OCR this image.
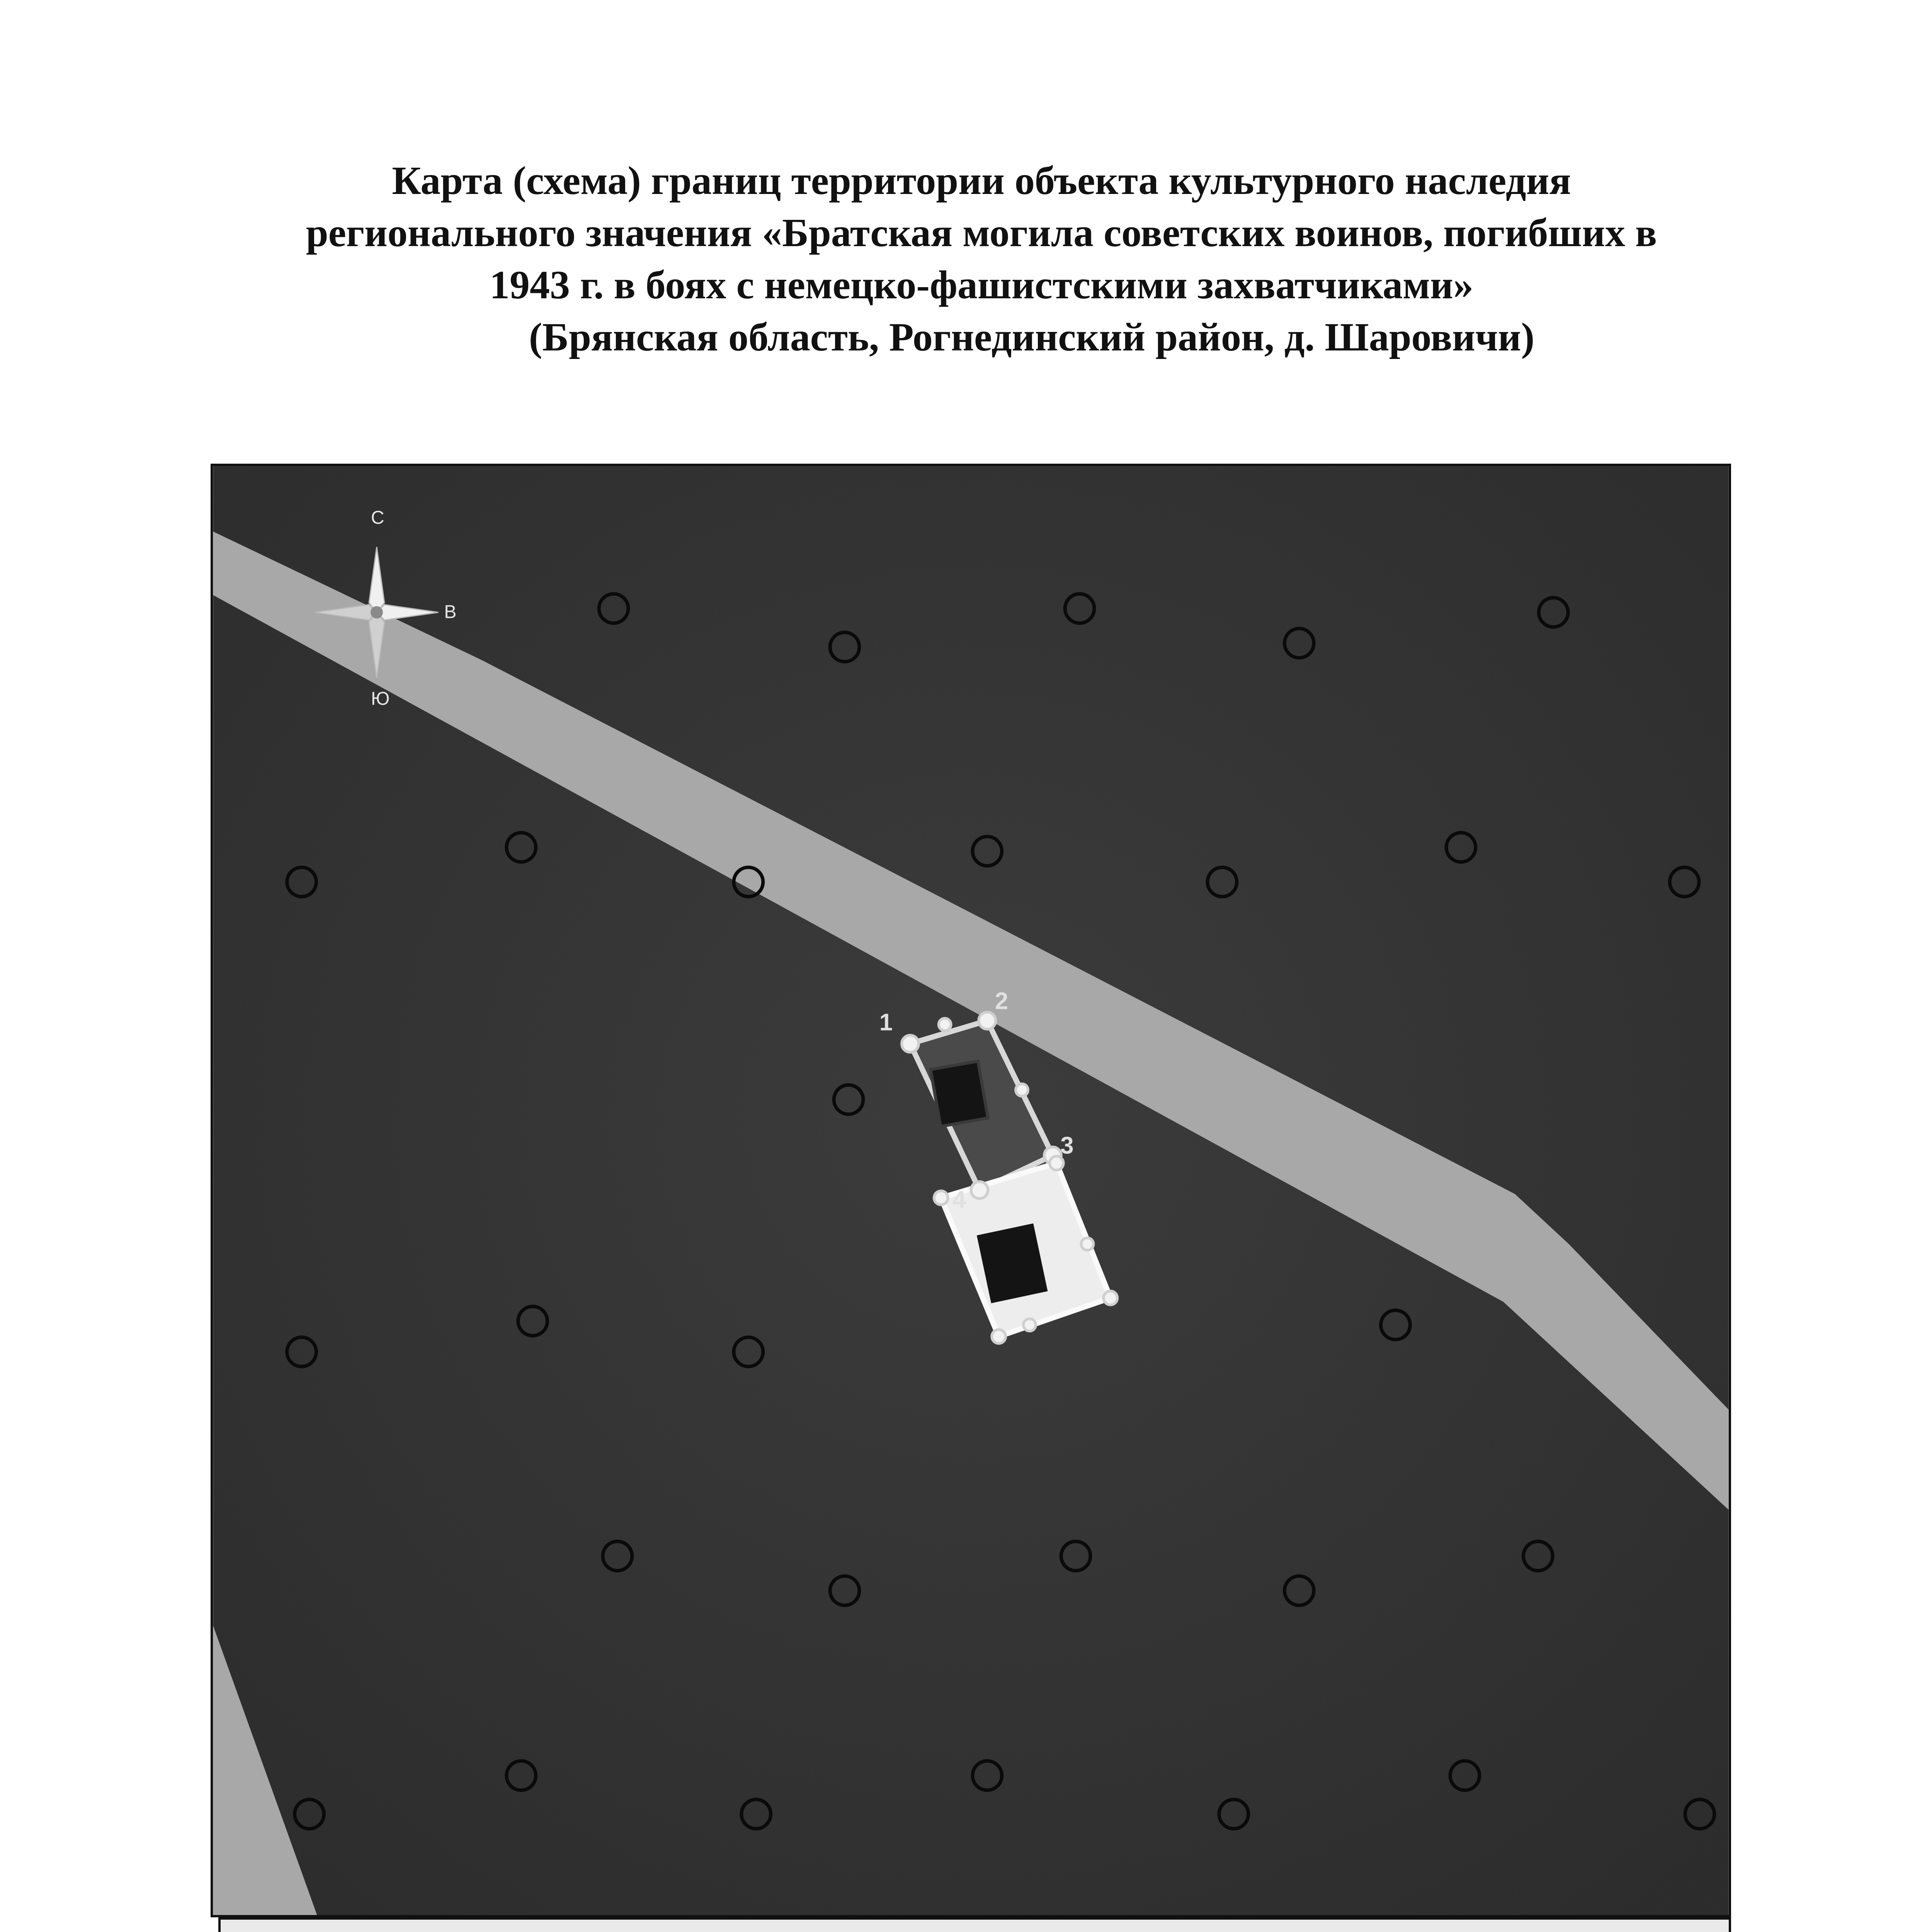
Карта (схема) границ территории объекта культурного наследия
регионального значения «Братская могила советских воинов, погибших в
1943 г. в боях с немецко-фашистскими захватчиками»
(Брянская область, Рогнединский район, д. Шаровичи)
1
2
3
4
С
Ю
В
